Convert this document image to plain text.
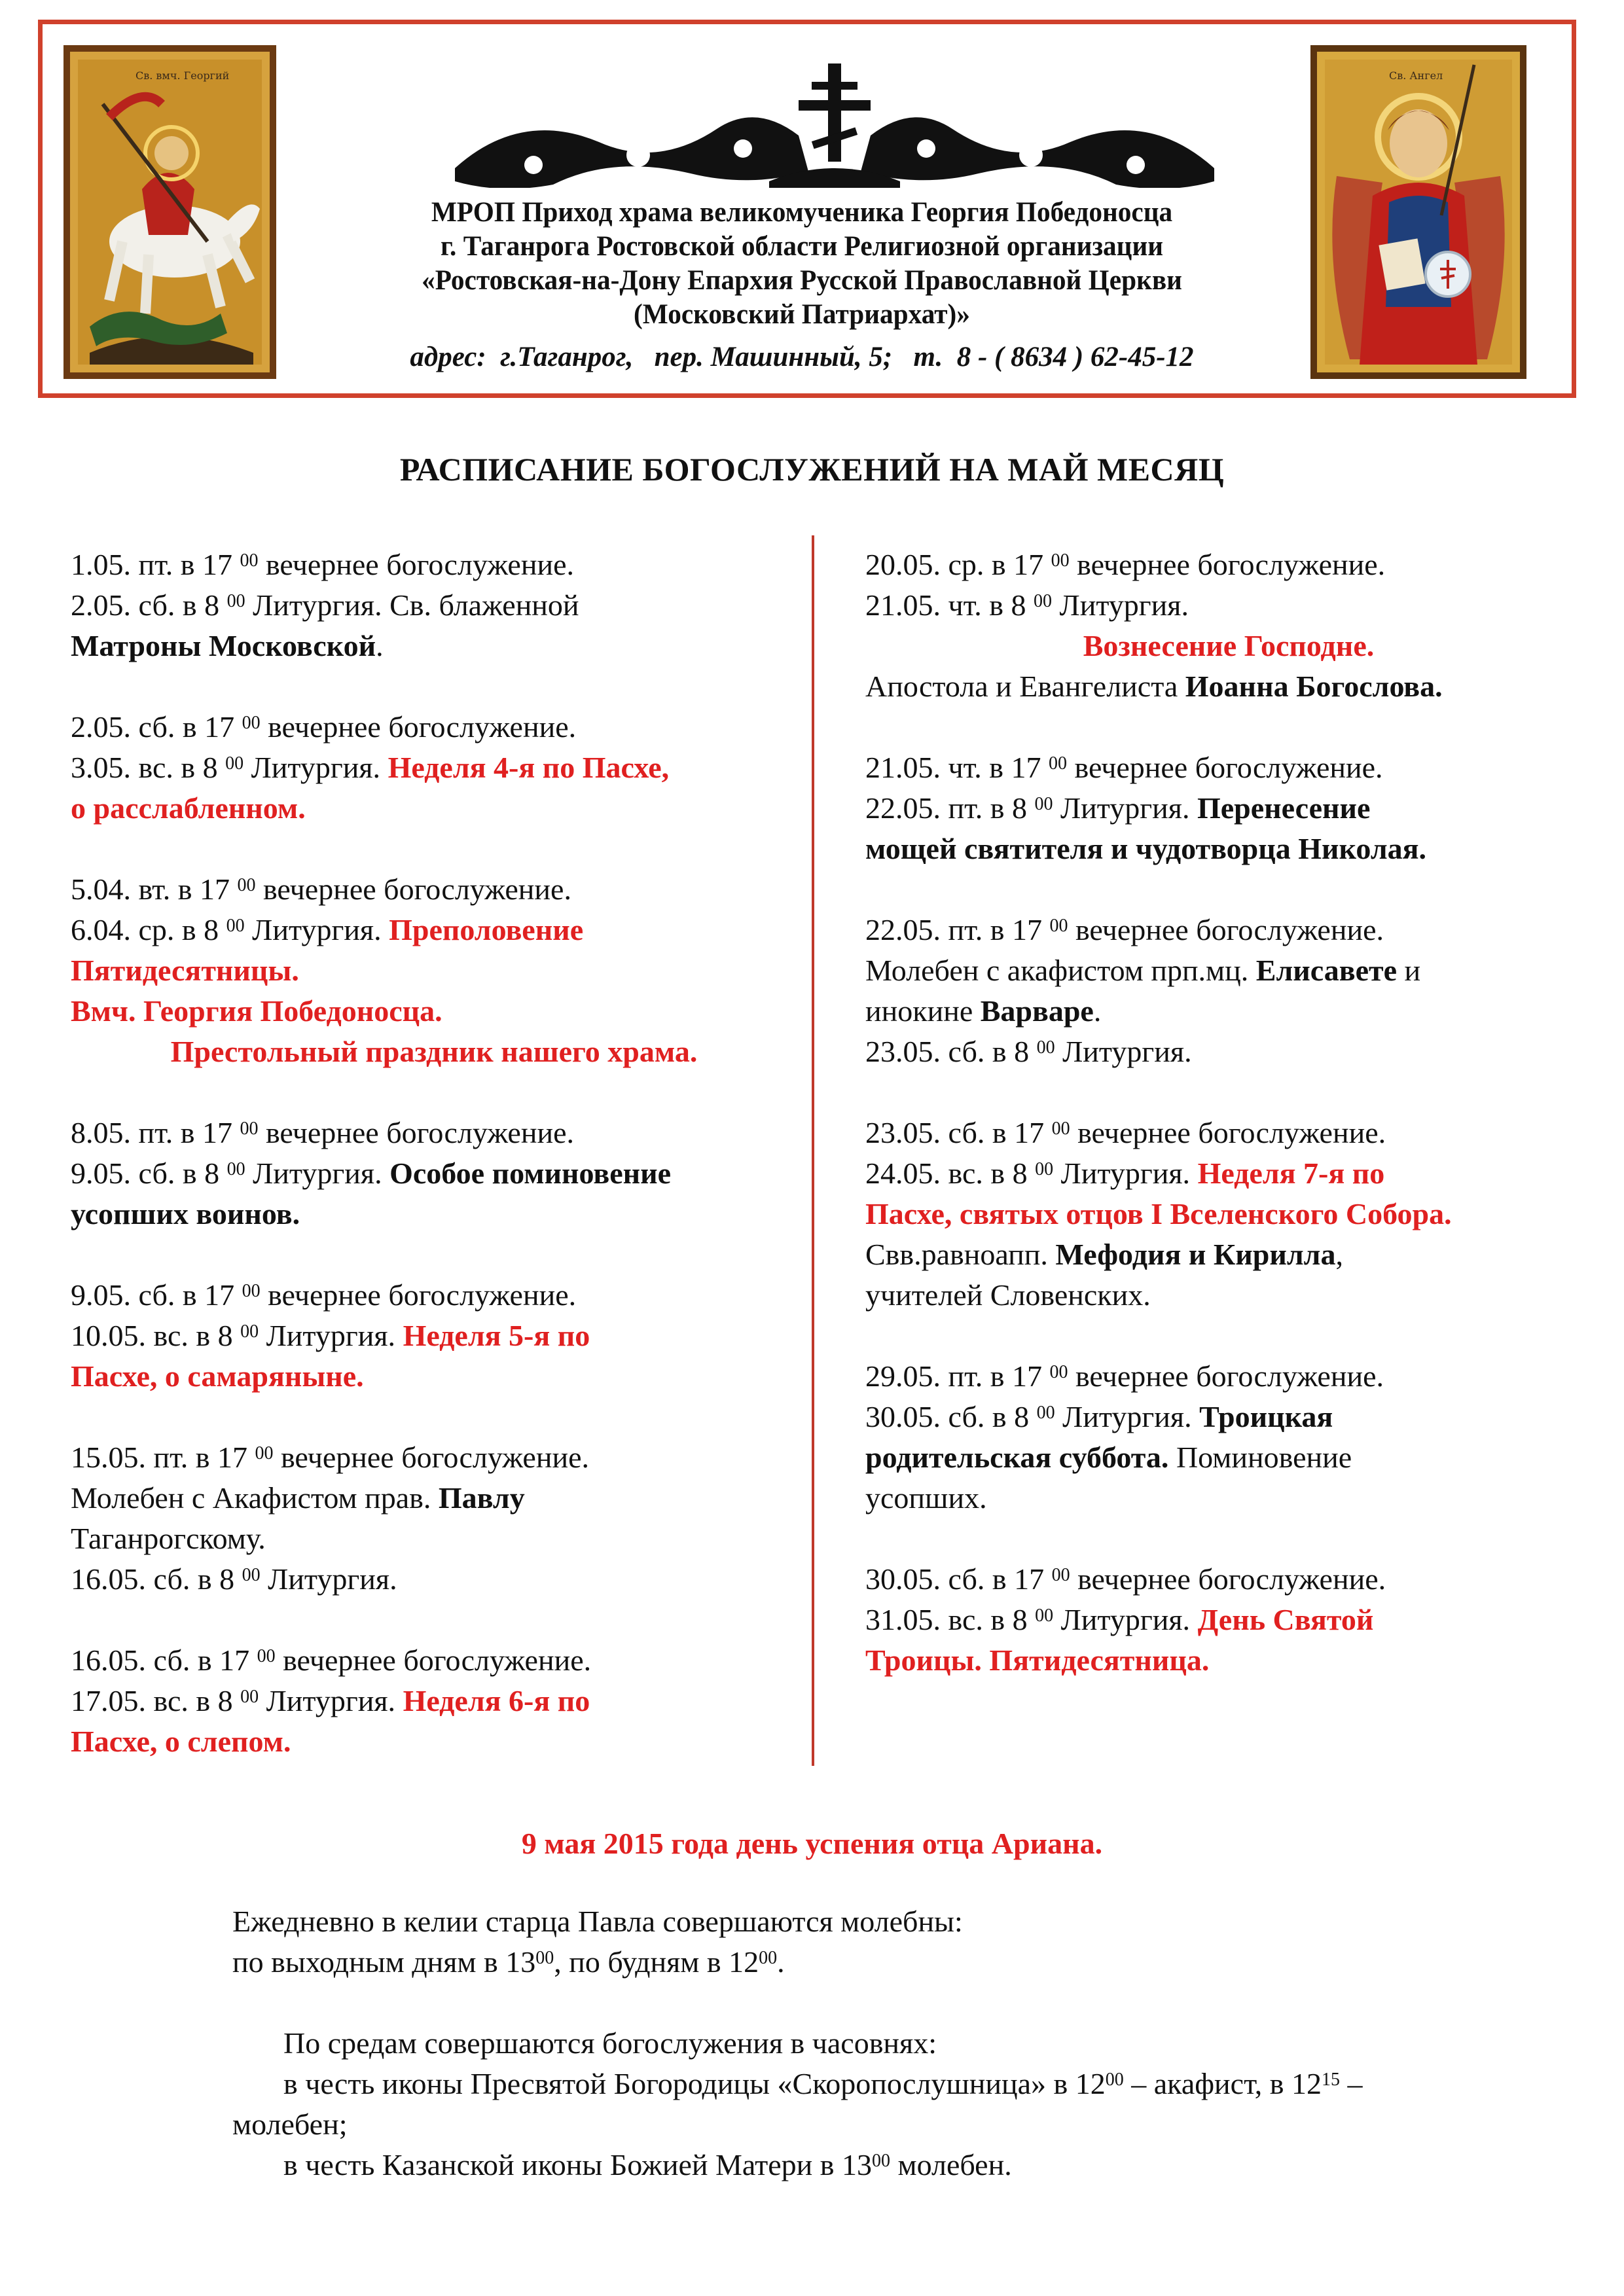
Св. вмч. Георгий
МРОП Приход храма великомученика Георгия Победоносца
г. Таганрога Ростовской области Религиозной организации
«Ростовская-на-Дону Епархия Русской Православной Церкви
(Московский Патриархат)»
адрес:  г.Таганрог,   пер. Машинный, 5;   т.  8 - ( 8634 ) 62-45-12
Св. Ангел
РАСПИСАНИЕ БОГОСЛУЖЕНИЙ НА МАЙ МЕСЯЦ
1.05. пт. в 17 $^{00}$ вечернее богослужение.
2.05. сб. в 8 $^{00}$ Литургия. Св. блаженной
Матроны Московской.
2.05. сб. в 17 $^{00}$ вечернее богослужение.
3.05. вс. в 8 $^{00}$ Литургия. Неделя 4-я по Пасхе,
о расслабленном.
5.04. вт. в 17 $^{00}$ вечернее богослужение.
6.04. ср. в 8 $^{00}$ Литургия. Преполовение
Пятидесятницы.
Вмч. Георгия Победоносца.
Престольный праздник нашего храма.
8.05. пт. в 17 $^{00}$ вечернее богослужение.
9.05. сб. в 8 $^{00}$ Литургия. Особое поминовение
усопших воинов.
9.05. сб. в 17 $^{00}$ вечернее богослужение.
10.05. вс. в 8 $^{00}$ Литургия. Неделя 5-я по
Пасхе, о самаряныне.
15.05. пт. в 17 $^{00}$ вечернее богослужение.
Молебен с Акафистом прав. Павлу
Таганрогскому.
16.05. сб. в 8 $^{00}$ Литургия.
16.05. сб. в 17 $^{00}$ вечернее богослужение.
17.05. вс. в 8 $^{00}$ Литургия. Неделя 6-я по
Пасхе, о слепом.
20.05. ср. в 17 $^{00}$ вечернее богослужение.
21.05. чт. в 8 $^{00}$ Литургия.
Вознесение Господне.
Апостола и Евангелиста Иоанна Богослова.
21.05. чт. в 17 $^{00}$ вечернее богослужение.
22.05. пт. в 8 $^{00}$ Литургия. Перенесение
мощей святителя и чудотворца Николая.
22.05. пт. в 17 $^{00}$ вечернее богослужение.
Молебен с акафистом прп.мц. Елисавете и
инокине Варваре.
23.05. сб. в 8 $^{00}$ Литургия.
23.05. сб. в 17 $^{00}$ вечернее богослужение.
24.05. вс. в 8 $^{00}$ Литургия. Неделя 7-я по
Пасхе, святых отцов I Вселенского Собора.
Свв.равноапп. Мефодия и Кирилла,
учителей Словенских.
29.05. пт. в 17 $^{00}$ вечернее богослужение.
30.05. сб. в 8 $^{00}$ Литургия. Троицкая
родительская суббота. Поминовение
усопших.
30.05. сб. в 17 $^{00}$ вечернее богослужение.
31.05. вс. в 8 $^{00}$ Литургия. День Святой
Троицы. Пятидесятница.
9 мая 2015 года день успения отца Ариана.
Ежедневно в келии старца Павла совершаются молебны:
по выходным дням в $13^{00}$, по будням в $12^{00}$.
По средам совершаются богослужения в часовнях:
в честь иконы Пресвятой Богородицы «Скоропослушница» в $12^{00}$ – акафист, в $12^{15}$ –
молебен;
в честь Казанской иконы Божией Матери в $13^{00}$ молебен.
